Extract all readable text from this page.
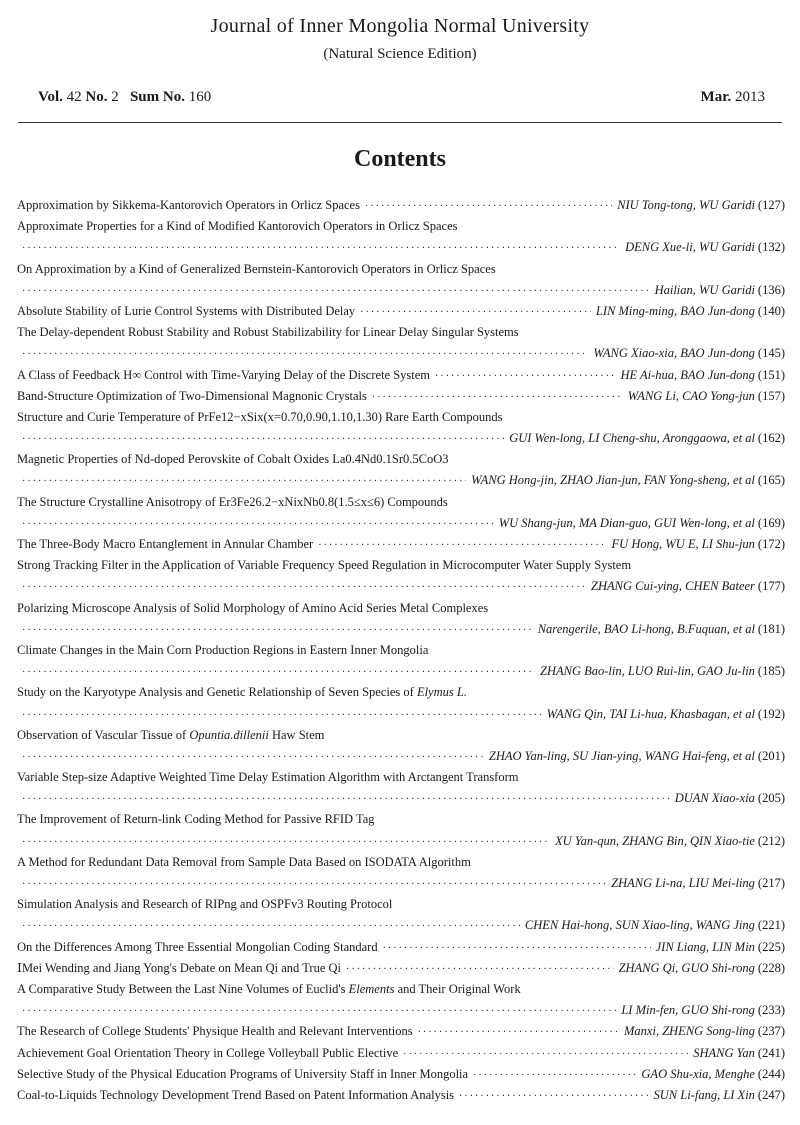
Journal of Inner Mongolia Normal University
(Natural Science Edition)
Vol. 42 No. 2 Sum No. 160	Mar. 2013
Contents
Approximation by Sikkema-Kantorovich Operators in Orlicz Spaces ·····	NIU Tong-tong, WU Garidi (127)
Approximate Properties for a Kind of Modified Kantorovich Operators in Orlicz Spaces
·····
DENG Xue-li, WU Garidi (132)
On Approximation by a Kind of Generalized Bernstein-Kantorovich Operators in Orlicz Spaces
·····
Hailian, WU Garidi (136)
Absolute Stability of Lurie Control Systems with Distributed Delay ·····	LIN Ming-ming, BAO Jun-dong (140)
The Delay-dependent Robust Stability and Robust Stabilizability for Linear Delay Singular Systems
·····
WANG Xiao-xia, BAO Jun-dong (145)
A Class of Feedback H∞ Control with Time-Varying Delay of the Discrete System ·····	HE Ai-hua, BAO Jun-dong (151)
Band-Structure Optimization of Two-Dimensional Magnonic Crystals ·····	WANG Li, CAO Yong-jun (157)
Structure and Curie Temperature of PrFe12−xSix(x=0.70,0.90,1.10,1.30) Rare Earth Compounds
·····
GUI Wen-long, LI Cheng-shu, Aronggaowa, et al (162)
Magnetic Properties of Nd-doped Perovskite of Cobalt Oxides La0.4Nd0.1Sr0.5CoO3
·····
WANG Hong-jin, ZHAO Jian-jun, FAN Yong-sheng, et al (165)
The Structure Crystalline Anisotropy of Er3Fe26.2−xNixNb0.8(1.5≤x≤6) Compounds
·····
WU Shang-jun, MA Dian-guo, GUI Wen-long, et al (169)
The Three-Body Macro Entanglement in Annular Chamber ·····	FU Hong, WU E, LI Shu-jun (172)
Strong Tracking Filter in the Application of Variable Frequency Speed Regulation in Microcomputer Water Supply System
·····
ZHANG Cui-ying, CHEN Bateer (177)
Polarizing Microscope Analysis of Solid Morphology of Amino Acid Series Metal Complexes
·····
Narengerile, BAO Li-hong, B.Fuquan, et al (181)
Climate Changes in the Main Corn Production Regions in Eastern Inner Mongolia
·····
ZHANG Bao-lin, LUO Rui-lin, GAO Ju-lin (185)
Study on the Karyotype Analysis and Genetic Relationship of Seven Species of
Elymus L.
·····
WANG Qin, TAI Li-hua, Khasbagan, et al (192)
Observation of Vascular Tissue of
Opuntia.dillenii
Haw Stem
·····
ZHAO Yan-ling, SU Jian-ying, WANG Hai-feng, et al (201)
Variable Step-size Adaptive Weighted Time Delay Estimation Algorithm with Arctangent Transform
·····
DUAN Xiao-xia (205)
The Improvement of Return-link Coding Method for Passive RFID Tag
·····
XU Yan-qun, ZHANG Bin, QIN Xiao-tie (212)
A Method for Redundant Data Removal from Sample Data Based on ISODATA Algorithm
·····
ZHANG Li-na, LIU Mei-ling (217)
Simulation Analysis and Research of RIPng and OSPFv3 Routing Protocol
·····
CHEN Hai-hong, SUN Xiao-ling, WANG Jing (221)
On the Differences Among Three Essential Mongolian Coding Standard ·····	JIN Liang, LIN Min (225)
ⅠMei Wending and Jiang Yong's Debate on Mean Qi and True Qi ·····	ZHANG Qi, GUO Shi-rong (228)
A Comparative Study Between the Last Nine Volumes of Euclid's
Elements
and Their Original Work
·····
LI Min-fen, GUO Shi-rong (233)
The Research of College Students' Physique Health and Relevant Interventions ·····	Manxi, ZHENG Song-ling (237)
Achievement Goal Orientation Theory in College Volleyball Public Elective ·····	SHANG Yan (241)
Selective Study of the Physical Education Programs of University Staff in Inner Mongolia ·····	GAO Shu-xia, Menghe (244)
Coal-to-Liquids Technology Development Trend Based on Patent Information Analysis ·····	SUN Li-fang, LI Xin (247)
